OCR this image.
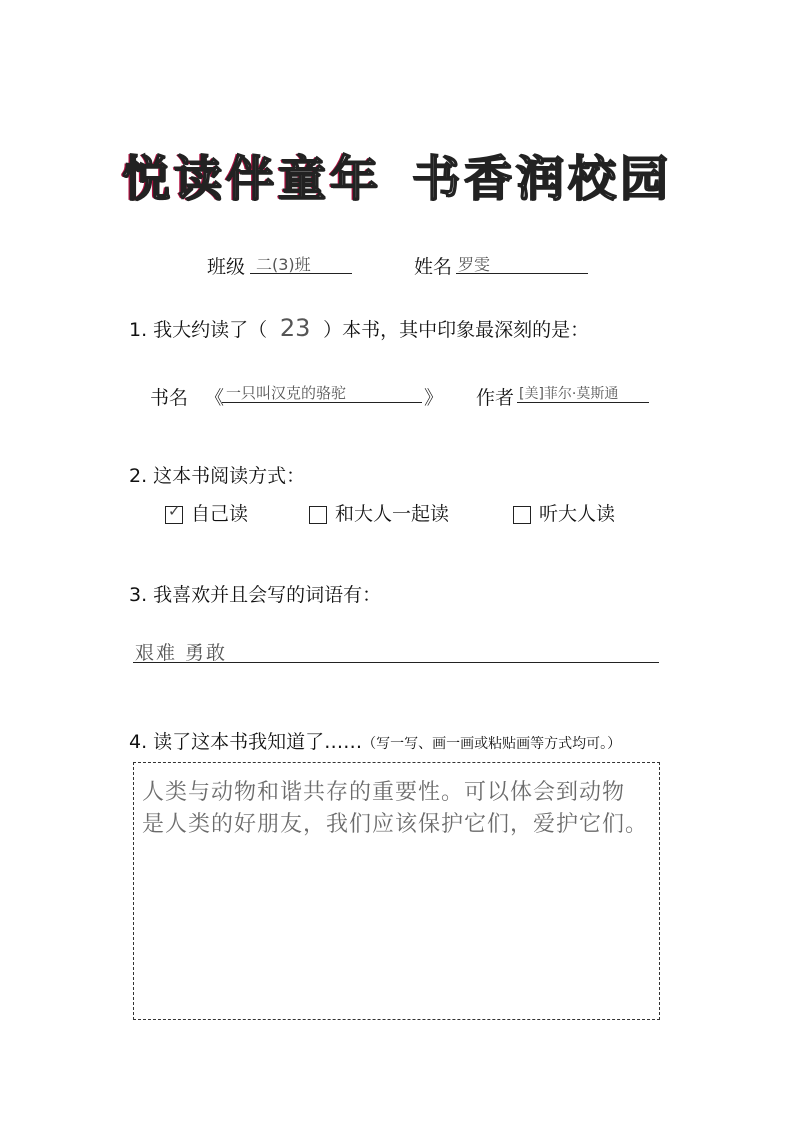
悦读伴童年 书香润校园
班级 二(3)班	姓名 罗雯
1. 我大约读了（ 23 ）本书，其中印象最深刻的是：
书名 《 一只叫汉克的骆驼	》 作者 [美]菲尔·莫斯通
2. 这本书阅读方式：
✓ 自己读	和大人一起读	听大人读
3. 我喜欢并且会写的词语有：
艰难 勇敢
4. 读了这本书我知道了……（写一写、画一画或粘贴画等方式均可。）
人类与动物和谐共存的重要性。可以体会到动物
是人类的好朋友，我们应该保护它们，爱护它们。
